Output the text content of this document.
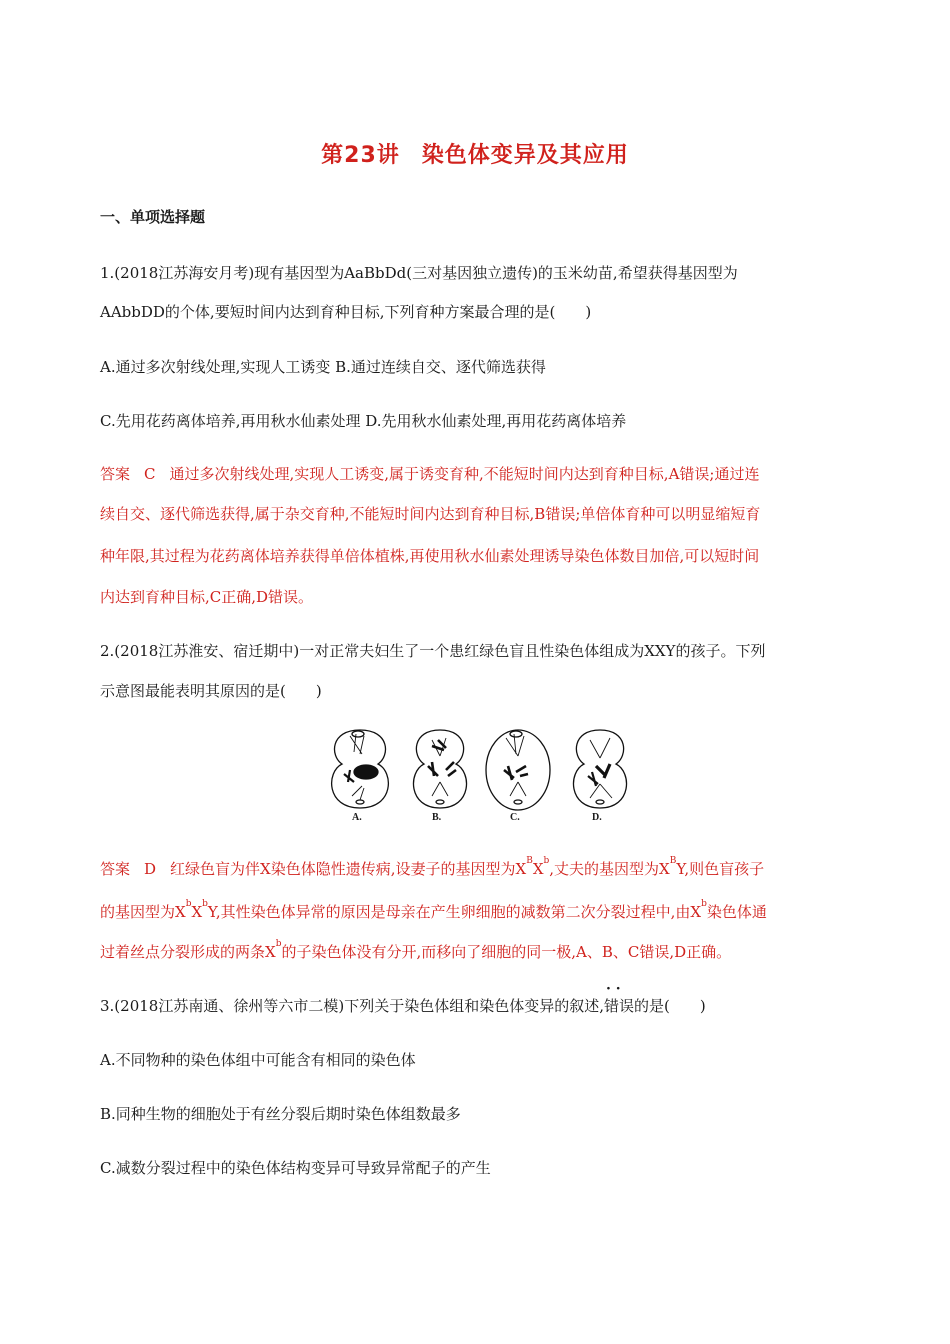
第23讲 染色体变异及其应用
一、单项选择题
1.(2018江苏海安月考)现有基因型为AaBbDd(三对基因独立遗传)的玉米幼苗,希望获得基因型为
AAbbDD的个体,要短时间内达到育种目标,下列育种方案最合理的是(　　)
A.通过多次射线处理,实现人工诱变 B.通过连续自交、逐代筛选获得
C.先用花药离体培养,再用秋水仙素处理 D.先用秋水仙素处理,再用花药离体培养
答案 C 通过多次射线处理,实现人工诱变,属于诱变育种,不能短时间内达到育种目标,A错误;通过连
续自交、逐代筛选获得,属于杂交育种,不能短时间内达到育种目标,B错误;单倍体育种可以明显缩短育
种年限,其过程为花药离体培养获得单倍体植株,再使用秋水仙素处理诱导染色体数目加倍,可以短时间
内达到育种目标,C正确,D错误。
2.(2018江苏淮安、宿迁期中)一对正常夫妇生了一个患红绿色盲且性染色体组成为XXY的孩子。下列
示意图最能表明其原因的是(　　)
A.	B.	C.	D.
答案 D 红绿色盲为伴X染色体隐性遗传病,设妻子的基因型为$X^BX^b$,丈夫的基因型为$X^BY$,则色盲孩子
的基因型为$X^bX^bY$,其性染色体异常的原因是母亲在产生卵细胞的减数第二次分裂过程中,由$X^b$染色体通
过着丝点分裂形成的两条$X^b$的子染色体没有分开,而移向了细胞的同一极,A、B、C错误,D正确。
3.(2018江苏南通、徐州等六市二模)下列关于染色体组和染色体变异的叙述,· · 错误的是(　　)
A.不同物种的染色体组中可能含有相同的染色体
B.同种生物的细胞处于有丝分裂后期时染色体组数最多
C.减数分裂过程中的染色体结构变异可导致异常配子的产生
